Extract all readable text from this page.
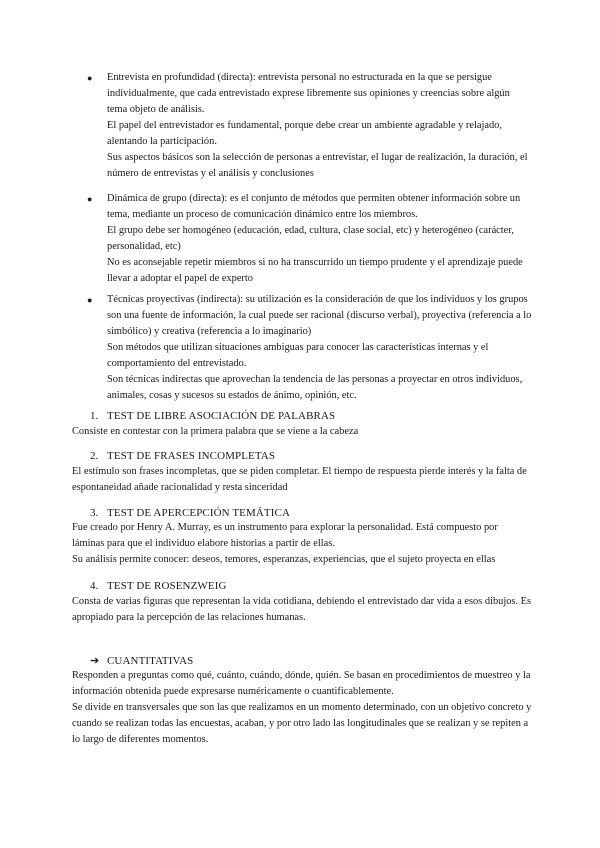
● Entrevista en profundidad (directa): entrevista personal no estructurada en la que se persigue individualmente, que cada entrevistado exprese libremente sus opiniones y creencias sobre algún tema objeto de análisis.

El papel del entrevistador es fundamental, porque debe crear un ambiente agradable y relajado, alentando la participación.

Sus aspectos básicos son la selección de personas a entrevistar, el lugar de realización, la duración, el número de entrevistas y el análisis y conclusiones

● Dinámica de grupo (directa): es el conjunto de métodos que permiten obtener información sobre un tema, mediante un proceso de comunicación dinámico entre los miembros.

El grupo debe ser homogéneo (educación, edad, cultura, clase social, etc) y heterogéneo (carácter, personalidad, etc)

No es aconsejable repetir miembros si no ha transcurrido un tiempo prudente y el aprendizaje puede llevar a adoptar el papel de experto

● Técnicas proyectivas (indirecta): su utilización es la consideración de que los individuos y los grupos son una fuente de información, la cual puede ser racional (discurso verbal), proyectiva (referencia a lo simbólico) y creativa (referencia a lo imaginario)

Son métodos que utilizan situaciones ambiguas para conocer las características internas y el comportamiento del entrevistado.

Son técnicas indirectas que aprovechan la tendencia de las personas a proyectar en otros individuos, animales, cosas y sucesos su estados de ánimo, opinión, etc.

1. TEST DE LIBRE ASOCIACIÓN DE PALABRAS

Consiste en contestar con la primera palabra que se viene a la cabeza

2. TEST DE FRASES INCOMPLETAS

El estímulo son frases incompletas, que se piden completar. El tiempo de respuesta pierde interés y la falta de espontaneidad añade racionalidad y resta sinceridad

3. TEST DE APERCEPCIÓN TEMÁTICA

Fue creado por Henry A. Murray, es un instrumento para explorar la personalidad. Está compuesto por láminas para que el individuo elabore historias a partir de ellas.

Su análisis permite conocer: deseos, temores, esperanzas, experiencias, que el sujeto proyecta en ellas

4. TEST DE ROSENZWEIG

Consta de varias figuras que representan la vida cotidiana, debiendo el entrevistado dar vida a esos dibujos. Es apropiado para la percepción de las relaciones humanas.

➔ CUANTITATIVAS

Responden a preguntas como qué, cuánto, cuándo, dónde, quién. Se basan en procedimientos de muestreo y la información obtenida puede expresarse numéricamente o cuantificablemente.

Se divide en transversales que son las que realizamos en un momento determinado, con un objetivo concreto y cuando se realizan todas las encuestas, acaban, y por otro lado las longitudinales que se realizan y se repiten a lo largo de diferentes momentos.
